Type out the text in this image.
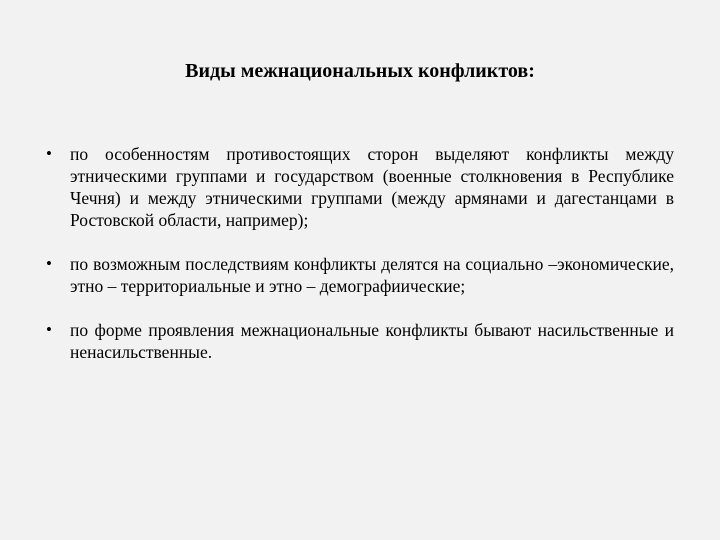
Виды межнациональных конфликтов:
• по особенностям противостоящих сторон выделяют конфликты между этническими группами и государством (военные столкновения в Республике Чечня) и между этническими группами (между армянами и дагестанцами в Ростовской области, например);
• по возможным последствиям конфликты делятся на социально –экономические, этно – территориальные и этно – демографиические;
• по форме проявления межнациональные конфликты бывают насильственные и ненасильственные.
